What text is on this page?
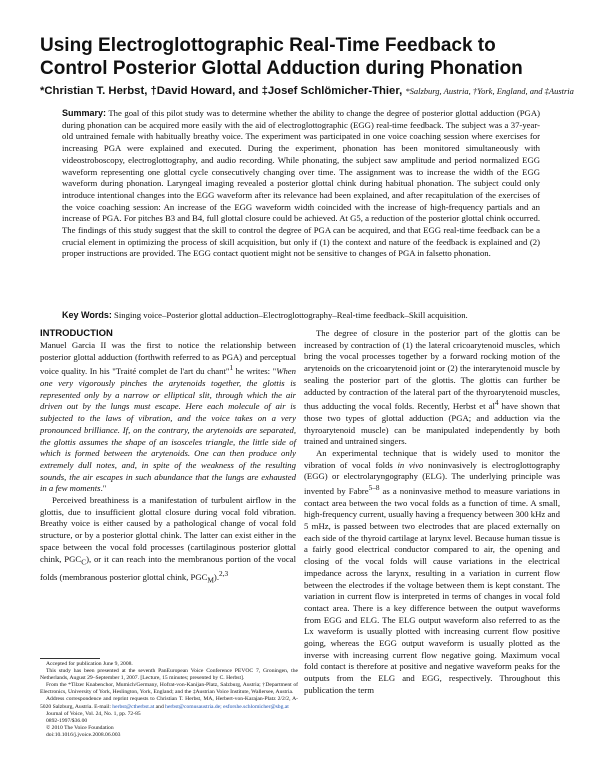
Using Electroglottographic Real-Time Feedback to Control Posterior Glottal Adduction during Phonation
*Christian T. Herbst, †David Howard, and ‡Josef Schlömicher-Thier, *Salzburg, Austria, †York, England, and ‡Austria

Summary: The goal of this pilot study was to determine whether the ability to change the degree of posterior glottal adduction (PGA) during phonation can be acquired more easily with the aid of electroglottographic (EGG) real-time feedback. The subject was a 37-year-old untrained female with habitually breathy voice. The experiment was participated in one voice coaching session where exercises for increasing PGA were explained and executed. During the experiment, phonation has been monitored simultaneously with videostroboscopy, electroglottography, and audio recording. While phonating, the subject saw amplitude and period normalized EGG waveform representing one glottal cycle consecutively changing over time. The assignment was to increase the width of the EGG waveform during phonation. Laryngeal imaging revealed a posterior glottal chink during habitual phonation. The subject could only introduce intentional changes into the EGG waveform after its relevance had been explained, and after recapitulation of the exercises of the voice coaching session: An increase of the EGG waveform width coincided with the increase of high-frequency partials and an increase of PGA. For pitches B3 and B4, full glottal closure could be achieved. At G5, a reduction of the posterior glottal chink occurred. The findings of this study suggest that the skill to control the degree of PGA can be acquired, and that EGG real-time feedback can be a crucial element in optimizing the process of skill acquisition, but only if (1) the context and nature of the feedback is explained and (2) proper instructions are provided. The EGG contact quotient might not be sensitive to changes of PGA in falsetto phonation.

Key Words: Singing voice–Posterior glottal adduction–Electroglottography–Real-time feedback–Skill acquisition.

INTRODUCTION

Manuel Garcia II was the first to notice the relationship between posterior glottal adduction (forthwith referred to as PGA) and perceptual voice quality. In his "Traité complet de l'art du chant"$^1$ he writes: "When one very vigorously pinches the arytenoids together, the glottis is represented only by a narrow or elliptical slit, through which the air driven out by the lungs must escape. Here each molecule of air is subjected to the laws of vibration, and the voice takes on a very pronounced brilliance. If, on the contrary, the arytenoids are separated, the glottis assumes the shape of an isosceles triangle, the little side of which is formed between the arytenoids. One can then produce only extremely dull notes, and, in spite of the weakness of the resulting sounds, the air escapes in such abundance that the lungs are exhausted in a few moments."

Perceived breathiness is a manifestation of turbulent airflow in the glottis, due to insufficient glottal closure during vocal fold vibration. Breathy voice is either caused by a pathological change of vocal fold structure, or by a posterior glottal chink. The latter can exist either in the space between the vocal fold processes (cartilaginous posterior glottal chink, $PGC_C$), or it can reach into the membranous portion of the vocal folds (membranous posterior glottal chink, $PGC_M).^{2,3}$

The degree of closure in the posterior part of the glottis can be increased by contraction of (1) the lateral cricoarytenoid muscles, which bring the vocal processes together by a forward rocking motion of the arytenoids on the cricoarytenoid joint or (2) the interarytenoid muscle by sealing the posterior part of the glottis. The glottis can further be adducted by contraction of the lateral part of the thyroarytenoid muscles, thus adducting the vocal folds. Recently, Herbst et $al^4$ have shown that those two types of glottal adduction (PGA; and adduction via the thyroarytenoid muscle) can be manipulated independently by both trained and untrained singers.

An experimental technique that is widely used to monitor the vibration of vocal folds in vivo noninvasively is electroglottography (EGG) or electrolaryngography (ELG). The underlying principle was invented by Fabre$^{5-8}$ as a noninvasive method to measure variations in contact area between the two vocal folds as a function of time. A small, high-frequency current, usually having a frequency between 300 kHz and 5 mHz, is passed between two electrodes that are placed externally on each side of the thyroid cartilage at larynx level. Because human tissue is a fairly good electrical conductor compared to air, the opening and closing of the vocal folds will cause variations in the electrical impedance across the larynx, resulting in a variation in current flow between the electrodes if the voltage between them is kept constant. The variation in current flow is interpreted in terms of changes in vocal fold contact area. There is a key difference between the output waveforms from EGG and ELG. The ELG output waveform also referred to as the Lx waveform is usually plotted with increasing current flow positive going, whereas the EGG output waveform is usually plotted as the inverse with increasing current flow negative going. Maximum vocal fold contact is therefore at positive and negative waveform peaks for the outputs from the ELG and EGG, respectively. Throughout this publication the term

Accepted for publication June 9, 2008.

This study has been presented at the seventh PanEuropean Voice Conference PEVOC 7, Groningen, the Netherlands, August 29–September 1, 2007. [Lecture, 15 minutes; presented by C. Herbst].

From the *Tilzer Knabenchor, Mumich/Germany, Hofrat-von-Kanijan-Platz, Salzburg, Austria; †Department of Electronics, University of York, Heslington, York, England; and the ‡Austrian Voice Institute, Wallersee, Austria.

Address correspondence and reprint requests to Christian T. Herbst, MA, Herbert-von-Karajan-Platz 2/2/2, A-5020 Salzburg, Austria. E-mail: herbst@ctherbst.at and herbst@comusaustria.de; esforshe.schlomicher@sbg.at

Journal of Voice, Vol. 24, No. 1, pp. 72-85

0892-1997/$36.00

© 2010 The Voice Foundation

doi:10.1016/j.jvoice.2008.06.003
